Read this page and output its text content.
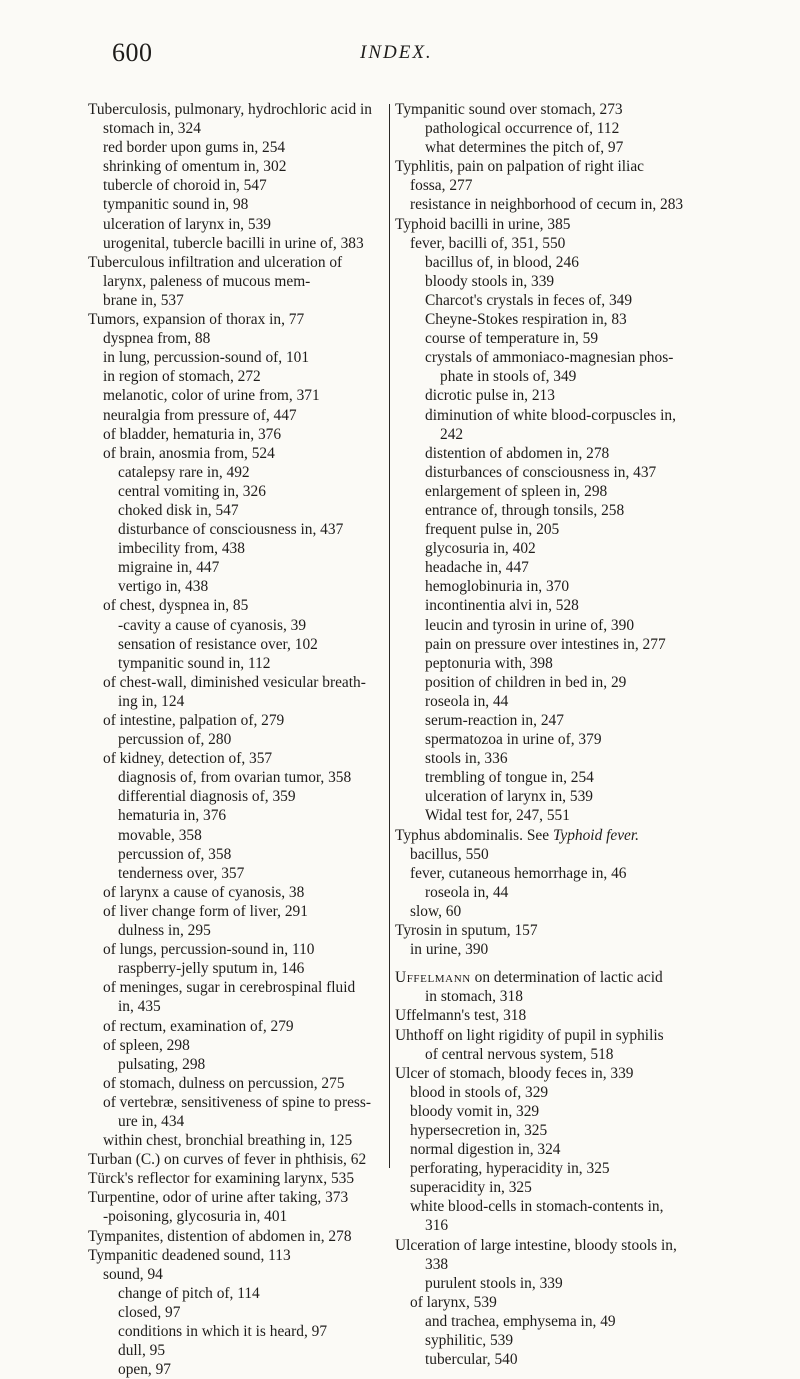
600	INDEX.
Tuberculosis, pulmonary, hydrochloric acid in
stomach in, 324
red border upon gums in, 254
shrinking of omentum in, 302
tubercle of choroid in, 547
tympanitic sound in, 98
ulceration of larynx in, 539
urogenital, tubercle bacilli in urine of, 383
Tuberculous infiltration and ulceration of
larynx, paleness of mucous mem-
brane in, 537
Tumors, expansion of thorax in, 77
dyspnea from, 88
in lung, percussion-sound of, 101
in region of stomach, 272
melanotic, color of urine from, 371
neuralgia from pressure of, 447
of bladder, hematuria in, 376
of brain, anosmia from, 524
catalepsy rare in, 492
central vomiting in, 326
choked disk in, 547
disturbance of consciousness in, 437
imbecility from, 438
migraine in, 447
vertigo in, 438
of chest, dyspnea in, 85
-cavity a cause of cyanosis, 39
sensation of resistance over, 102
tympanitic sound in, 112
of chest-wall, diminished vesicular breath-
ing in, 124
of intestine, palpation of, 279
percussion of, 280
of kidney, detection of, 357
diagnosis of, from ovarian tumor, 358
differential diagnosis of, 359
hematuria in, 376
movable, 358
percussion of, 358
tenderness over, 357
of larynx a cause of cyanosis, 38
of liver change form of liver, 291
dulness in, 295
of lungs, percussion-sound in, 110
raspberry-jelly sputum in, 146
of meninges, sugar in cerebrospinal fluid
in, 435
of rectum, examination of, 279
of spleen, 298
pulsating, 298
of stomach, dulness on percussion, 275
of vertebræ, sensitiveness of spine to press-
ure in, 434
within chest, bronchial breathing in, 125
Turban (C.) on curves of fever in phthisis, 62
Türck's reflector for examining larynx, 535
Turpentine, odor of urine after taking, 373
-poisoning, glycosuria in, 401
Tympanites, distention of abdomen in, 278
Tympanitic deadened sound, 113
sound, 94
change of pitch of, 114
closed, 97
conditions in which it is heard, 97
dull, 95
open, 97
Tympanitic sound over stomach, 273
pathological occurrence of, 112
what determines the pitch of, 97
Typhlitis, pain on palpation of right iliac
fossa, 277
resistance in neighborhood of cecum in, 283
Typhoid bacilli in urine, 385
fever, bacilli of, 351, 550
bacillus of, in blood, 246
bloody stools in, 339
Charcot's crystals in feces of, 349
Cheyne-Stokes respiration in, 83
course of temperature in, 59
crystals of ammoniaco-magnesian phos-
phate in stools of, 349
dicrotic pulse in, 213
diminution of white blood-corpuscles in,
242
distention of abdomen in, 278
disturbances of consciousness in, 437
enlargement of spleen in, 298
entrance of, through tonsils, 258
frequent pulse in, 205
glycosuria in, 402
headache in, 447
hemoglobinuria in, 370
incontinentia alvi in, 528
leucin and tyrosin in urine of, 390
pain on pressure over intestines in, 277
peptonuria with, 398
position of children in bed in, 29
roseola in, 44
serum-reaction in, 247
spermatozoa in urine of, 379
stools in, 336
trembling of tongue in, 254
ulceration of larynx in, 539
Widal test for, 247, 551
Typhus abdominalis. See Typhoid fever.
bacillus, 550
fever, cutaneous hemorrhage in, 46
roseola in, 44
slow, 60
Tyrosin in sputum, 157
in urine, 390
Uffelmann on determination of lactic acid
in stomach, 318
Uffelmann's test, 318
Uhthoff on light rigidity of pupil in syphilis
of central nervous system, 518
Ulcer of stomach, bloody feces in, 339
blood in stools of, 329
bloody vomit in, 329
hypersecretion in, 325
normal digestion in, 324
perforating, hyperacidity in, 325
superacidity in, 325
white blood-cells in stomach-contents in,
316
Ulceration of large intestine, bloody stools in,
338
purulent stools in, 339
of larynx, 539
and trachea, emphysema in, 49
syphilitic, 539
tubercular, 540
